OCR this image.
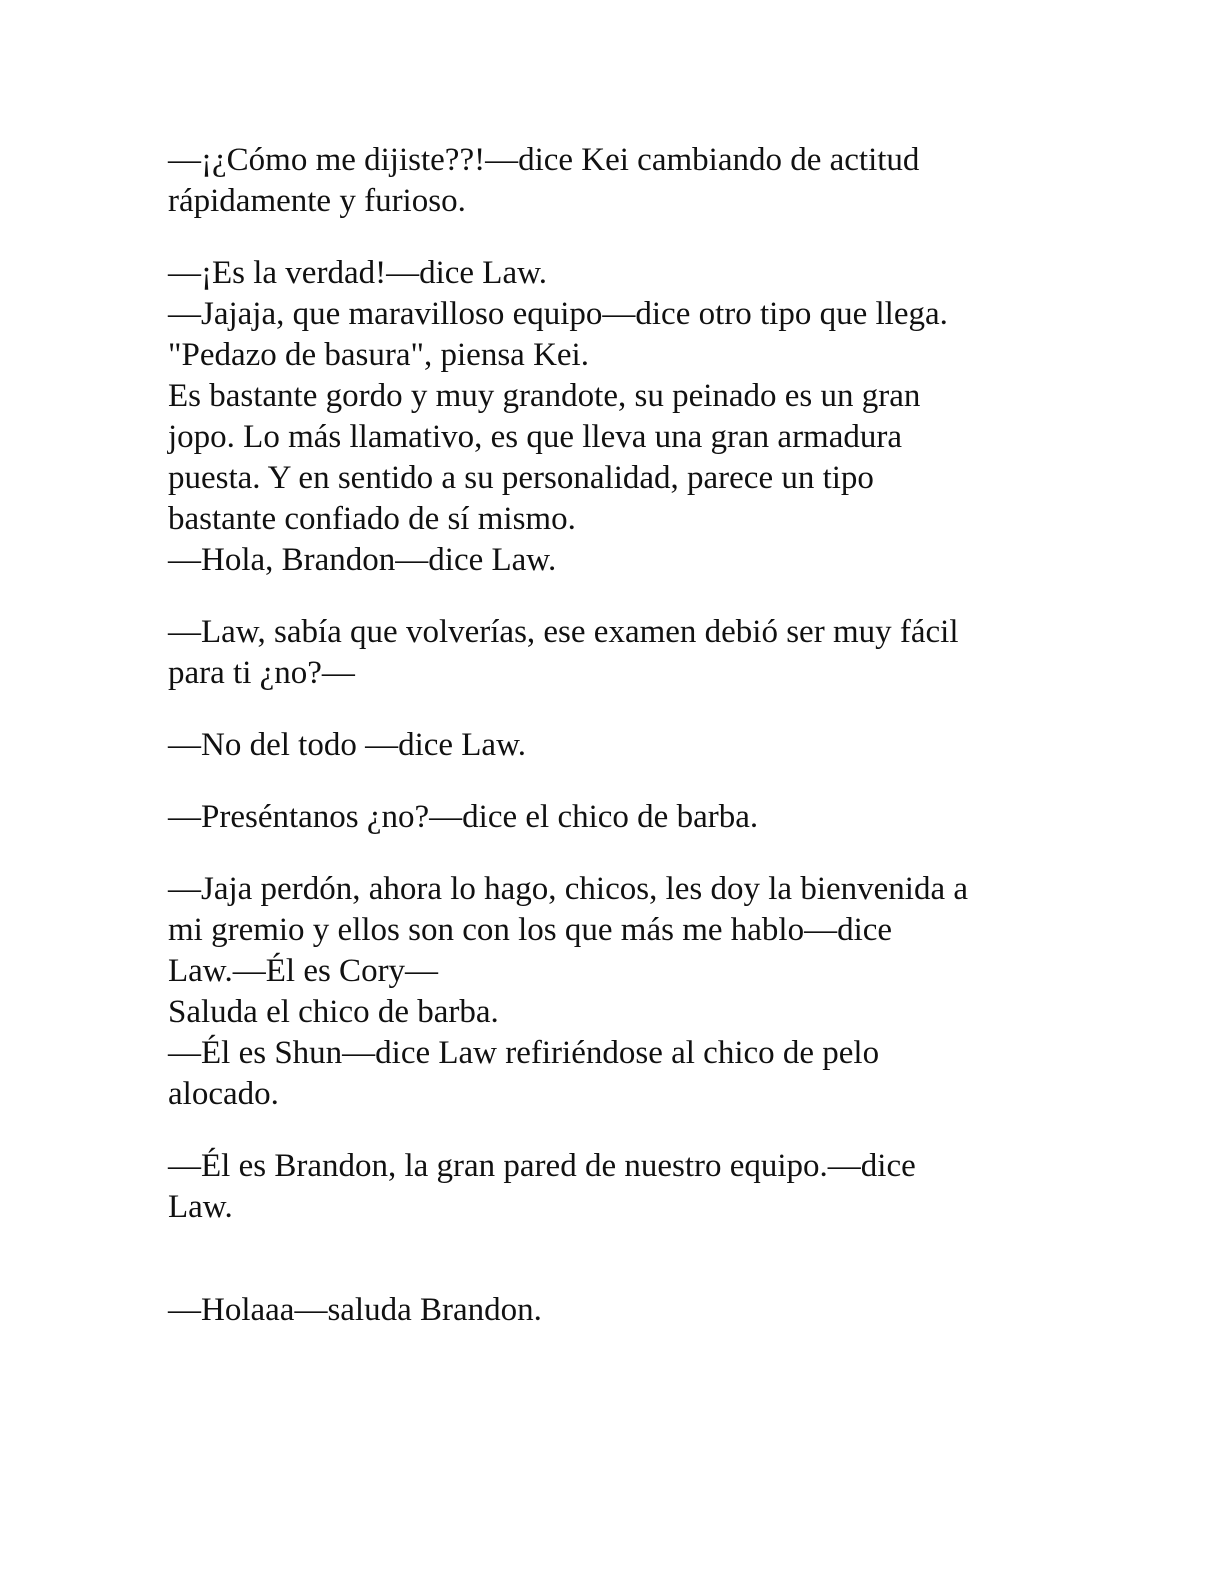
—¡¿Cómo me dijiste??!—dice Kei cambiando de actitud
rápidamente y furioso.
—¡Es la verdad!—dice Law.
—Jajaja, que maravilloso equipo—dice otro tipo que llega.
"Pedazo de basura", piensa Kei.
Es bastante gordo y muy grandote, su peinado es un gran
jopo. Lo más llamativo, es que lleva una gran armadura
puesta. Y en sentido a su personalidad, parece un tipo
bastante confiado de sí mismo.
—Hola, Brandon—dice Law.
—Law, sabía que volverías, ese examen debió ser muy fácil
para ti ¿no?—
—No del todo —dice Law.
—Preséntanos ¿no?—dice el chico de barba.
—Jaja perdón, ahora lo hago, chicos, les doy la bienvenida a
mi gremio y ellos son con los que más me hablo—dice
Law.—Él es Cory—
Saluda el chico de barba.
—Él es Shun—dice Law refiriéndose al chico de pelo
alocado.
—Él es Brandon, la gran pared de nuestro equipo.—dice
Law.
—Holaaa—saluda Brandon.
